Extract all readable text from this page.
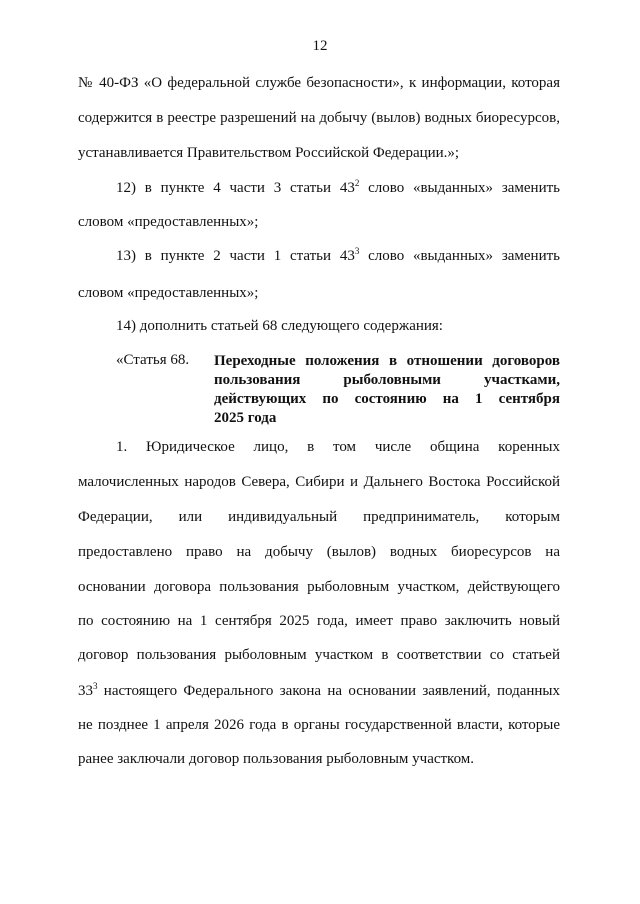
12
№ 40-ФЗ «О федеральной службе безопасности», к информации, которая
содержится в реестре разрешений на добычу (вылов) водных биоресурсов,
устанавливается Правительством Российской Федерации.»;
12) в пункте 4 части 3 статьи $43^2$ слово «выданных» заменить
словом «предоставленных»;
13) в пункте 2 части 1 статьи $43^3$ слово «выданных» заменить
словом «предоставленных»;
14) дополнить статьей 68 следующего содержания:
«Статья 68. Переходные положения в отношении договоров
пользования рыболовными участками,
действующих по состоянию на 1 сентября
2025 года
1. Юридическое лицо, в том числе община коренных
малочисленных народов Севера, Сибири и Дальнего Востока Российской
Федерации, или индивидуальный предприниматель, которым
предоставлено право на добычу (вылов) водных биоресурсов на
основании договора пользования рыболовным участком, действующего
по состоянию на 1 сентября 2025 года, имеет право заключить новый
договор пользования рыболовным участком в соответствии со статьей
$33^3$ настоящего Федерального закона на основании заявлений, поданных
не позднее 1 апреля 2026 года в органы государственной власти, которые
ранее заключали договор пользования рыболовным участком.
